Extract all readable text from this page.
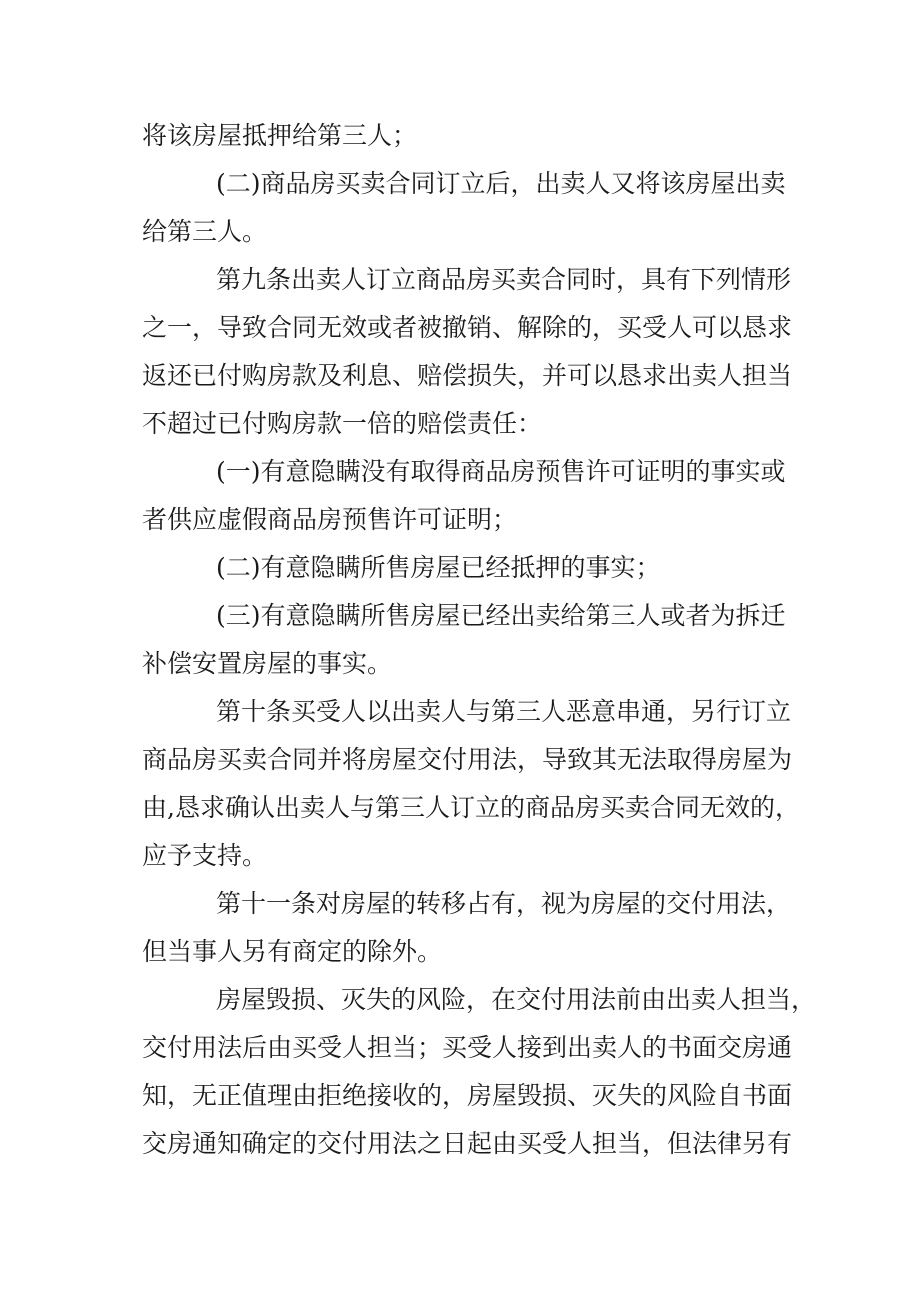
将该房屋抵押给第三人；
(二)商品房买卖合同订立后，出卖人又将该房屋出卖
给第三人。
第九条出卖人订立商品房买卖合同时，具有下列情形
之一，导致合同无效或者被撤销、解除的，买受人可以恳求
返还已付购房款及利息、赔偿损失，并可以恳求出卖人担当
不超过已付购房款一倍的赔偿责任：
(一)有意隐瞒没有取得商品房预售许可证明的事实或
者供应虚假商品房预售许可证明；
(二)有意隐瞒所售房屋已经抵押的事实；
(三)有意隐瞒所售房屋已经出卖给第三人或者为拆迁
补偿安置房屋的事实。
第十条买受人以出卖人与第三人恶意串通，另行订立
商品房买卖合同并将房屋交付用法，导致其无法取得房屋为
由,恳求确认出卖人与第三人订立的商品房买卖合同无效的，
应予支持。
第十一条对房屋的转移占有，视为房屋的交付用法，
但当事人另有商定的除外。
房屋毁损、灭失的风险，在交付用法前由出卖人担当，
交付用法后由买受人担当；买受人接到出卖人的书面交房通
知，无正值理由拒绝接收的，房屋毁损、灭失的风险自书面
交房通知确定的交付用法之日起由买受人担当，但法律另有
